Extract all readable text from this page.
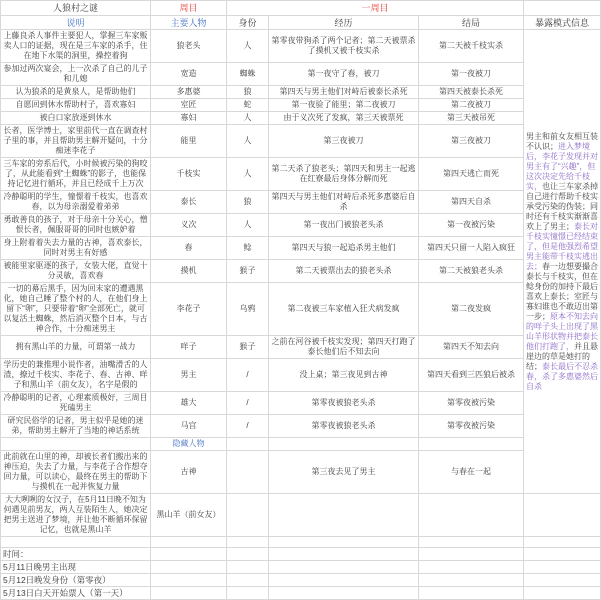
人狼村之谜	周目	一周目			
说明	主要人物	身份	经历	结局	暴露模式信息
上藤良杀人事件主要犯人，掌握三车家贩卖人口的证据，现在是三车家的杀手，住在地下水渠的洞里，操控着狗	狼老头	人	第零夜带狗杀了两个记者；第二天被票杀了摸机又被千枝实杀	第二天被千枝实杀	男主和前女友相互装不认识；进入梦境后，李花子发现并对男主有了“兴趣”，但这次决定先给千枝实，也让三车家杀掉自己进行帮助千枝实承受污染的伪装；同时还有千枝实渐渐喜欢上了男主；泰长对千枝实憧憬已经结束了，但是他强烈希望男主能带千枝实逃出去；春一边想要撮合泰长与千枝实，但在鲶身份的加持下最后喜欢上泰长；室匠与寡妇谁也不敢迈出第一步；原本不知去向的咩子头上出现了黑山羊形状物并把泰长他们打跑了，并且悬崖边的草是她打的结；泰长最后不忍杀春，杀了多惠婆然后自杀
参加过两次宴会，上一次杀了自己的儿子和儿媳	宽造	蜘蛛	第一夜守了春，被刀	第一夜被刀	
认为狼杀的是黄泉人，是帮助他们	多惠婆	狼	第四天与男主他们对峙后被泰长杀死	第四天被泰长杀死	
自愿回到休水帮助村子，喜欢寡妇	室匠	蛇	第一夜验了能里；第二夜被刀	第二夜被刀	
被白口家放逐到休水	寡妇	人	由于义次死了发疯，第三天被票死	第三天被吊死	
长者，医学博士，家里前代一直在调查村子里的事，并且帮助男主解开疑问，十分痴迷李花子	能里	人	第三夜被刀	第三夜被刀	
三车家的旁系后代，小时候被污染的狗咬了，从此能看到“土蜘蛛”的影子，也能保持记忆进行循环，并且已经成千上万次	千枝实	人	第二天杀了狼老头；第四天和男主一起逃在红寮最后身体分解而死	第四天逃亡而死	
冷静聪明的学生，憧憬着千枝实，也喜欢春，以为母亲溺爱着弟弟	泰长	狼	第四天与男主他们对峙后杀死多惠婆后自杀	第四天自杀	
勇敢善良的孩子，对于母亲十分关心，憎恨长者，佩服哥哥的同时也嫉妒着	义次	人	第一夜出门被狼老头杀	第一夜被污染	
身上附着着失去力量的古神，喜欢泰长，同时对男主有好感	春	鲶	第四天与狼一起追杀男主他们	第四天只留一人陷入疯狂	
被能里家驱逐的孩子，女装大佬，直觉十分灵敏，喜欢春	摸机	猴子	第二天被票出去的狼老头杀	第二天被狼老头杀	
一切的幕后黑手，因为回末家的遭遇黑化，她自己睡了整个村的人，在他们身上留下“卵”，只要带着“卵”全部死亡，就可以复活土蜘蛛，然后消灭整个日本，与古神合作，十分痴迷男主	李花子	乌鸦	第二夜被三车家植入狂犬病发疯	第二夜发疯	
拥有黑山羊的力量，可谓第一战力	咩子	猴子	之前在河谷被千枝实发现；第四天打跑了泰长他们后不知去向	第四天不知去向	
学历史的兼推理小说作者，油嘴滑舌的人渣，撩过千枝实、李花子、春、古神、咩子和黑山羊（前女友），名字是假的	男主	/	没上桌；第三夜见到古神	第四天看到三匹狼后被杀	
冷静聪明的记者，心理素质极好，三周目死磕男主	雄大	/	第零夜被狼老头杀	第零夜被污染	
研究民俗学的记者，男主似乎是她的迷弟，帮助男主解开了当地的神话系统	马宫	/	第零夜被狼老头杀	第零夜被污染	
	隐藏人物				
此前就在山里的神，却被长者们搬出来的神压迫，失去了力量，与李花子合作想夺回力量，可以读心，最终在男主的帮助下与摸机在一起并恢复力量	古神		第三夜去见了男主	与春在一起	
大大咧咧的女汉子，在5月11日晚不知为何遇见前男友，两人互装陌生人，她决定把男主送进了梦境，并让他不断循环保留记忆，也就是黑山羊	黑山羊（前女友）				

时间：					
5月11日晚男主出现					
5月12日晚发身份（第零夜）					
5月13日白天开始票人（第一天）					
